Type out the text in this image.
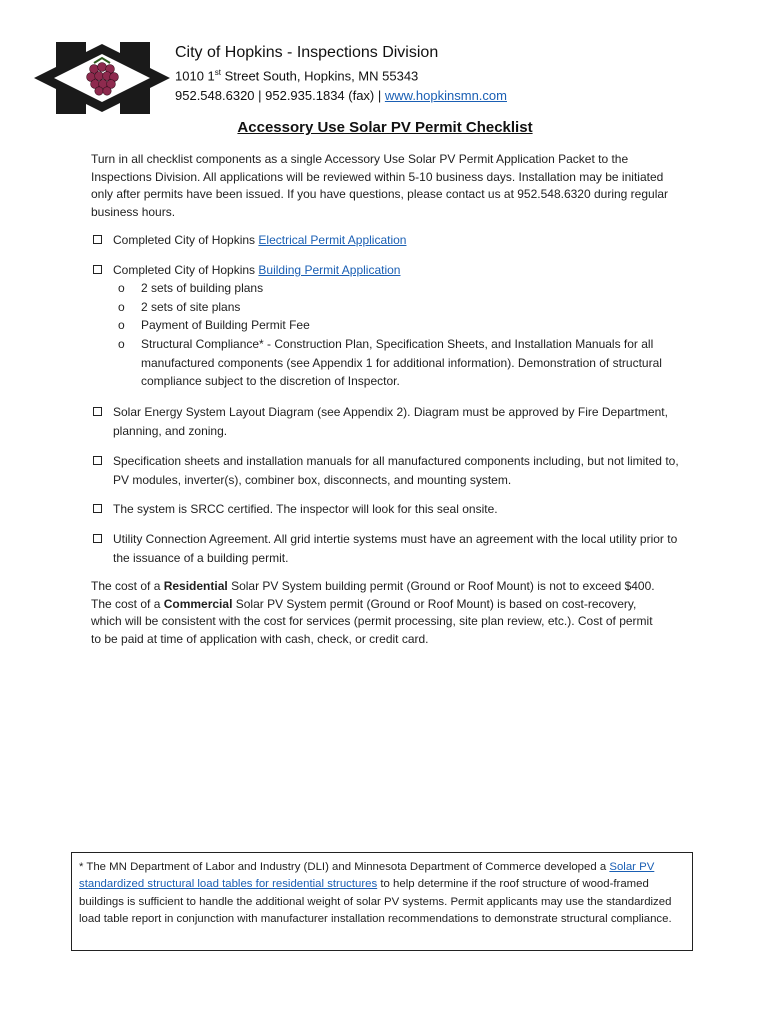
City of Hopkins - Inspections Division
1010 1st Street South, Hopkins, MN 55343
952.548.6320 | 952.935.1834 (fax) | www.hopkinsmn.com
Accessory Use Solar PV Permit Checklist
Turn in all checklist components as a single Accessory Use Solar PV Permit Application Packet to the Inspections Division. All applications will be reviewed within 5-10 business days. Installation may be initiated only after permits have been issued. If you have questions, please contact us at 952.548.6320 during regular business hours.
Completed City of Hopkins Electrical Permit Application
Completed City of Hopkins Building Permit Application
o 2 sets of building plans
o 2 sets of site plans
o Payment of Building Permit Fee
o Structural Compliance* - Construction Plan, Specification Sheets, and Installation Manuals for all manufactured components (see Appendix 1 for additional information). Demonstration of structural compliance subject to the discretion of Inspector.
Solar Energy System Layout Diagram (see Appendix 2). Diagram must be approved by Fire Department, planning, and zoning.
Specification sheets and installation manuals for all manufactured components including, but not limited to, PV modules, inverter(s), combiner box, disconnects, and mounting system.
The system is SRCC certified. The inspector will look for this seal onsite.
Utility Connection Agreement. All grid intertie systems must have an agreement with the local utility prior to the issuance of a building permit.
The cost of a Residential Solar PV System building permit (Ground or Roof Mount) is not to exceed $400.
The cost of a Commercial Solar PV System permit (Ground or Roof Mount) is based on cost-recovery, which will be consistent with the cost for services (permit processing, site plan review, etc.). Cost of permit to be paid at time of application with cash, check, or credit card.
* The MN Department of Labor and Industry (DLI) and Minnesota Department of Commerce developed a Solar PV standardized structural load tables for residential structures to help determine if the roof structure of wood-framed buildings is sufficient to handle the additional weight of solar PV systems. Permit applicants may use the standardized load table report in conjunction with manufacturer installation recommendations to demonstrate structural compliance.
